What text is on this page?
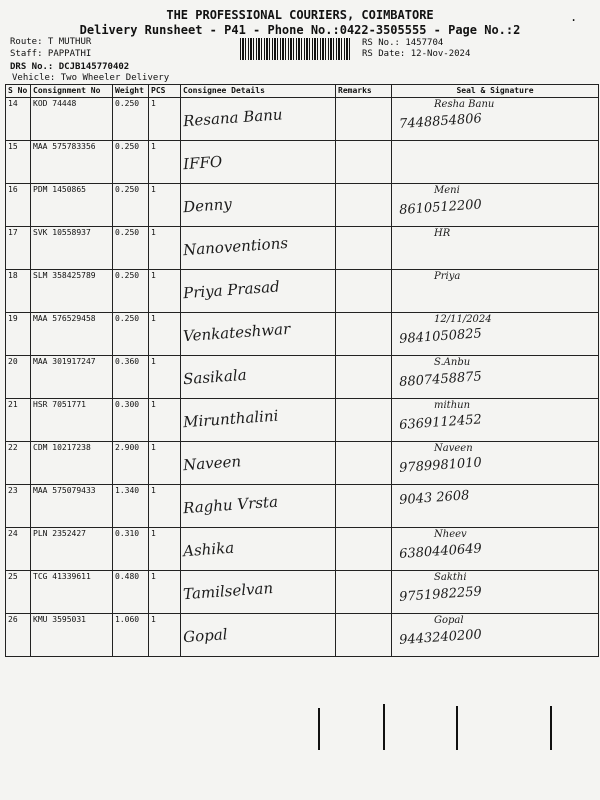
THE PROFESSIONAL COURIERS, COIMBATORE
Delivery Runsheet - P41 - Phone No.:0422-3505555 - Page No.:2
Route: T MUTHUR
Staff: PAPPATHI
DRS No.: DCJB145770402
Vehicle: Two Wheeler Delivery
RS No.: 1457704
RS Date: 12-Nov-2024
.
S No	Consignment No	Weight	PCS	Consignee Details	Remarks	Seal & Signature
14	KOD 74448	0.250	1	Resana Banu		Resha Banu
7448854806

15	MAA 575783356	0.250	1	IFFO		

16	PDM 1450865	0.250	1	Denny		Meni
8610512200

17	SVK 10558937	0.250	1	Nanoventions		HR

18	SLM 358425789	0.250	1	Priya Prasad		Priya

19	MAA 576529458	0.250	1	Venkateshwar		12/11/2024
9841050825

20	MAA 301917247	0.360	1	Sasikala		S.Anbu
8807458875

21	HSR 7051771	0.300	1	Mirunthalini		mithun
6369112452

22	CDM 10217238	2.900	1	Naveen		Naveen
9789981010

23	MAA 575079433	1.340	1	Raghu Vrsta		9043 2608

24	PLN 2352427	0.310	1	Ashika		Nheev
6380440649

25	TCG 41339611	0.480	1	Tamilselvan		Sakthi
9751982259

26	KMU 3595031	1.060	1	Gopal		Gopal
9443240200
